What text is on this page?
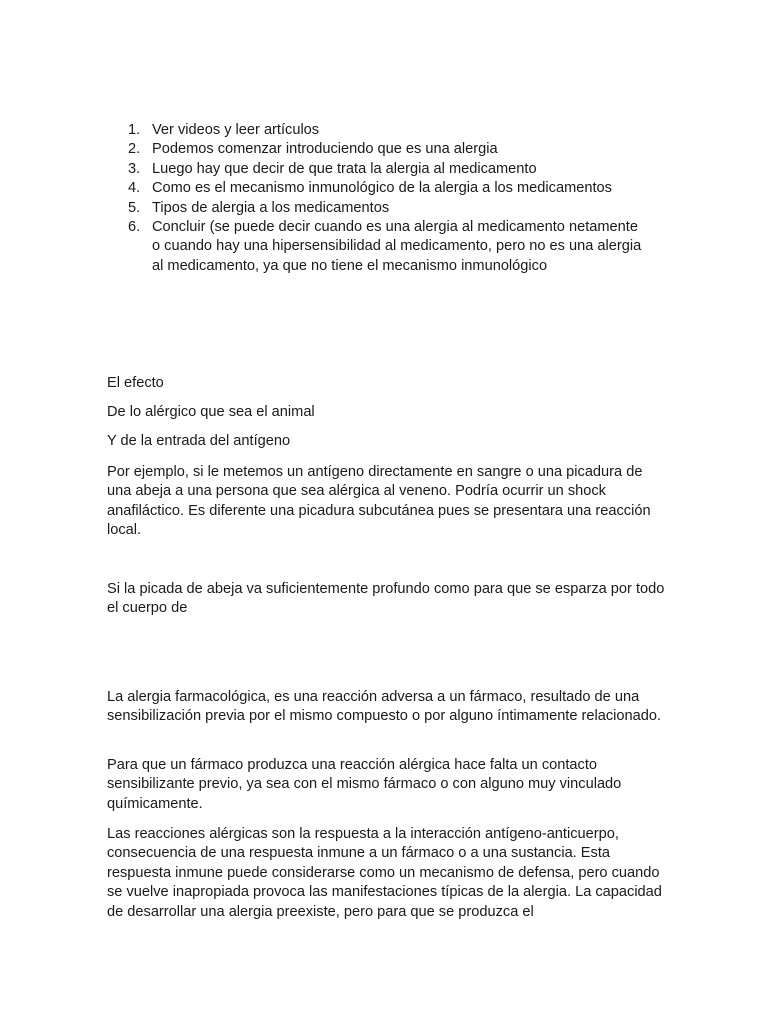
1. Ver videos y leer artículos
2. Podemos comenzar introduciendo que es una alergia
3. Luego hay que decir de que trata la alergia al medicamento
4. Como es el mecanismo inmunológico de la alergia a los medicamentos
5. Tipos de alergia a los medicamentos
6. Concluir (se puede decir cuando es una alergia al medicamento netamente o cuando hay una hipersensibilidad al medicamento, pero no es una alergia al medicamento, ya que no tiene el mecanismo inmunológico

El efecto

De lo alérgico que sea el animal

Y de la entrada del antígeno

Por ejemplo, si le metemos un antígeno directamente en sangre o una picadura de una abeja a una persona que sea alérgica al veneno. Podría ocurrir un shock anafiláctico. Es diferente una picadura subcutánea pues se presentara una reacción local.

Si la picada de abeja va suficientemente profundo como para que se esparza por todo el cuerpo de

La alergia farmacológica, es una reacción adversa a un fármaco, resultado de una sensibilización previa por el mismo compuesto o por alguno íntimamente relacionado.

Para que un fármaco produzca una reacción alérgica hace falta un contacto sensibilizante previo, ya sea con el mismo fármaco o con alguno muy vinculado químicamente.

Las reacciones alérgicas son la respuesta a la interacción antígeno-anticuerpo, consecuencia de una respuesta inmune a un fármaco o a una sustancia. Esta respuesta inmune puede considerarse como un mecanismo de defensa, pero cuando se vuelve inapropiada provoca las manifestaciones típicas de la alergia. La capacidad de desarrollar una alergia preexiste, pero para que se produzca el
